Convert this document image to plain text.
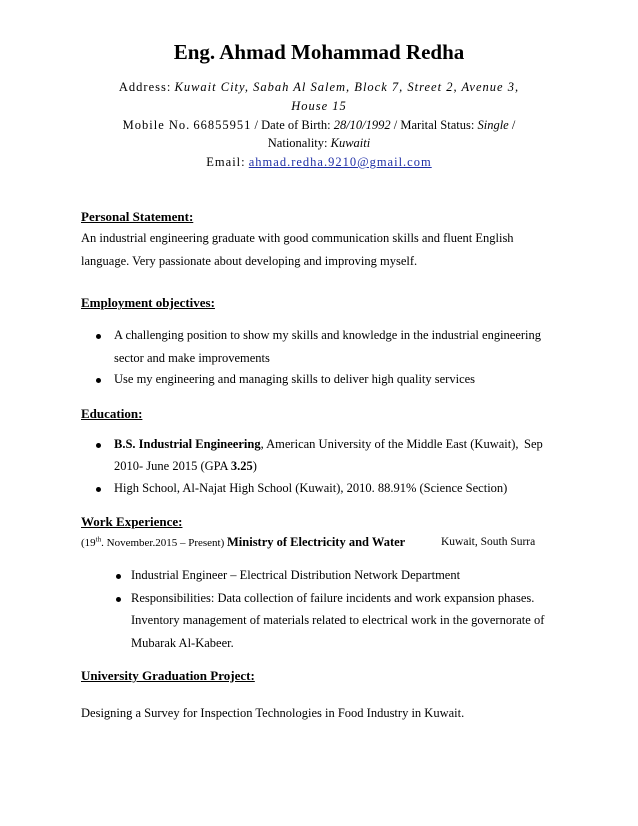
Eng. Ahmad Mohammad Redha
Address: Kuwait City, Sabah Al Salem, Block 7, Street 2, Avenue 3,
House 15
Mobile No. 66855951 / Date of Birth: 28/10/1992 / Marital Status: Single /
Nationality: Kuwaiti
Email: ahmad.redha.9210@gmail.com
Personal Statement:
An industrial engineering graduate with good communication skills and fluent English
language. Very passionate about developing and improving myself.
Employment objectives:
A challenging position to show my skills and knowledge in the industrial engineering
sector and make improvements
Use my engineering and managing skills to deliver high quality services
Education:
B.S. Industrial Engineering, American University of the Middle East (Kuwait), Sep
2010- June 2015 (GPA 3.25)
High School, Al-Najat High School (Kuwait), 2010. 88.91% (Science Section)
Work Experience:
(19th. November.2015 – Present) Ministry of Electricity and Water	Kuwait, South Surra
Industrial Engineer – Electrical Distribution Network Department
Responsibilities: Data collection of failure incidents and work expansion phases.
Inventory management of materials related to electrical work in the governorate of
Mubarak Al-Kabeer.
University Graduation Project:
Designing a Survey for Inspection Technologies in Food Industry in Kuwait.
